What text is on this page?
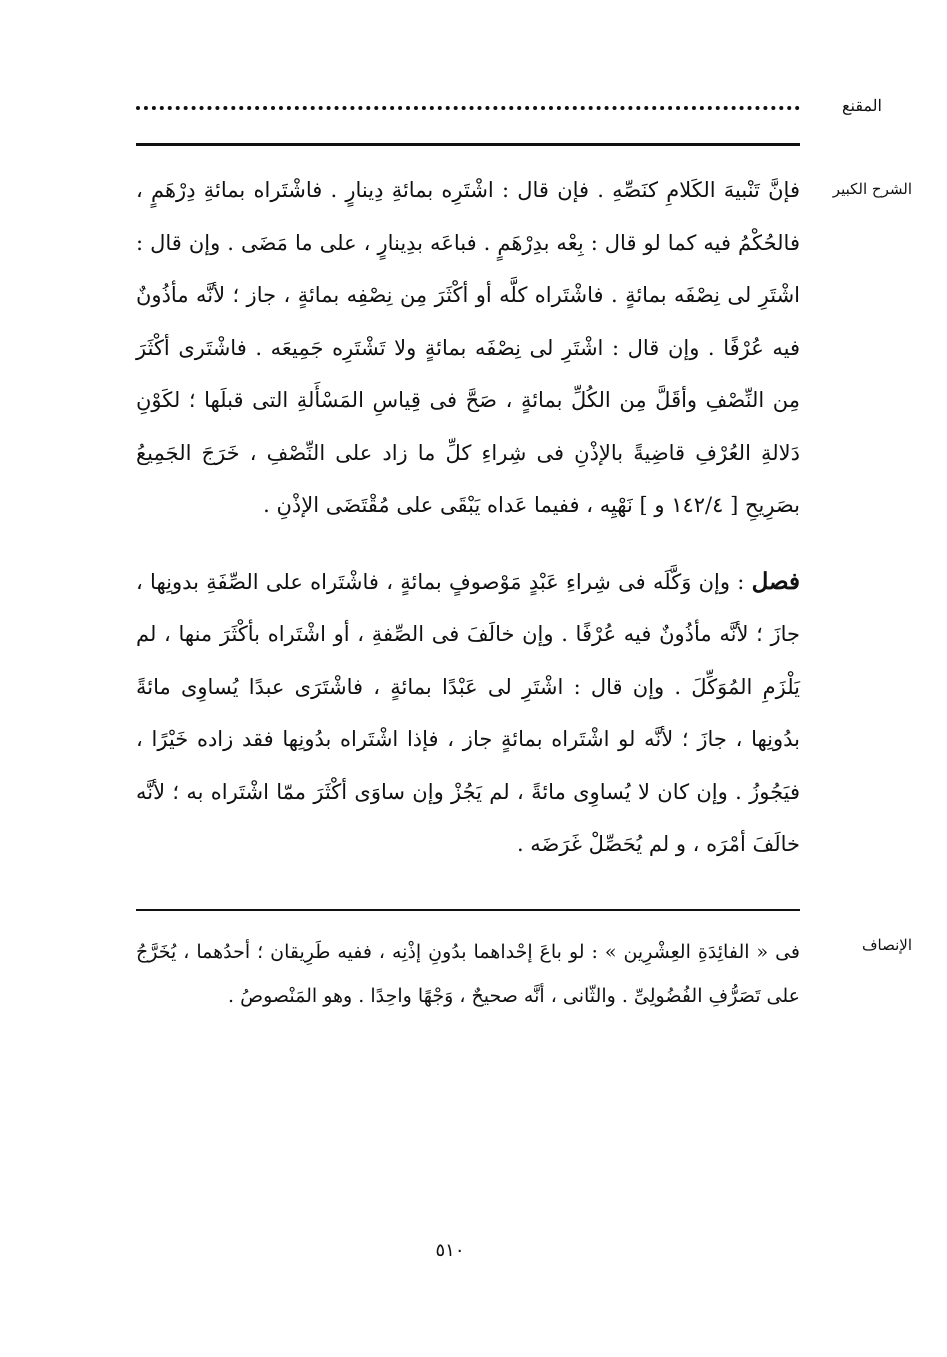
المقنع
الشرح الكبير

فإنَّ تَنْبيهَ الكَلامِ كنَصِّهِ . فإن قال : اشْتَرِه بمائةِ دِينارٍ . فاشْتَراه بمائةِ دِرْهَمٍ ، فالحُكْمُ فيه كما لو قال : بِعْه بدِرْهَمٍ . فباعَه بدِينارٍ ، على ما مَضَى . وإن قال : اشْتَرِ لى نِصْفَه بمائةٍ . فاشْتَراه كلَّه أو أكْثَرَ مِن نِصْفِه بمائةٍ ، جاز ؛ لأنَّه مأذُونٌ فيه عُرْفًا . وإن قال : اشْتَرِ لى نِصْفَه بمائةٍ ولا تَشْتَرِه جَمِيعَه . فاشْتَرى أكْثَرَ مِن النِّصْفِ وأقَلَّ مِن الكُلِّ بمائةٍ ، صَحَّ فى قِياسِ المَسْأَلةِ التى قبلَها ؛ لكَوْنِ دَلالةِ العُرْفِ قاضِيةً بالإذْنِ فى شِراءِ كلِّ ما زاد على النِّصْفِ ، خَرَجَ الجَمِيعُ بصَرِيحِ [ ١٤٢/٤ و ] نَهْيِه ، ففيما عَداه يَبْقَى على مُقْتَضَى الإذْنِ .

فصل : وإن وَكَّلَه فى شِراءِ عَبْدٍ مَوْصوفٍ بمائةٍ ، فاشْتَراه على الصِّفَةِ بدونِها ، جازَ ؛ لأنَّه مأذُونٌ فيه عُرْفًا . وإن خالَفَ فى الصِّفةِ ، أو اشْتَراه بأكْثَرَ منها ، لم يَلْزَمِ المُوَكِّلَ . وإن قال : اشْتَرِ لى عَبْدًا بمائةٍ ، فاشْتَرَى عبدًا يُساوِى مائةً بدُونِها ، جازَ ؛ لأنَّه لو اشْتَراه بمائةٍ جاز ، فإذا اشْتَراه بدُونِها فقد زاده خَيْرًا ، فيَجُوزُ . وإن كان لا يُساوِى مائةً ، لم يَجُزْ وإن ساوَى أكْثَرَ ممّا اشْتَراه به ؛ لأنَّه خالَفَ أمْرَه ، و لم يُحَصِّلْ غَرَضَه .

الإنصاف
فى « الفائِدَةِ العِشْرِين » : لو باعَ إحْداهما بدُونِ إذْنِه ، ففيه طَرِيقان ؛ أحدُهما ، يُخَرَّجُ على تَصَرُّفِ الفُضُولِىِّ . والثّانى ، أنَّه صحيحٌ ، وَجْهًا واحِدًا . وهو المَنْصوصُ .
٥١٠
